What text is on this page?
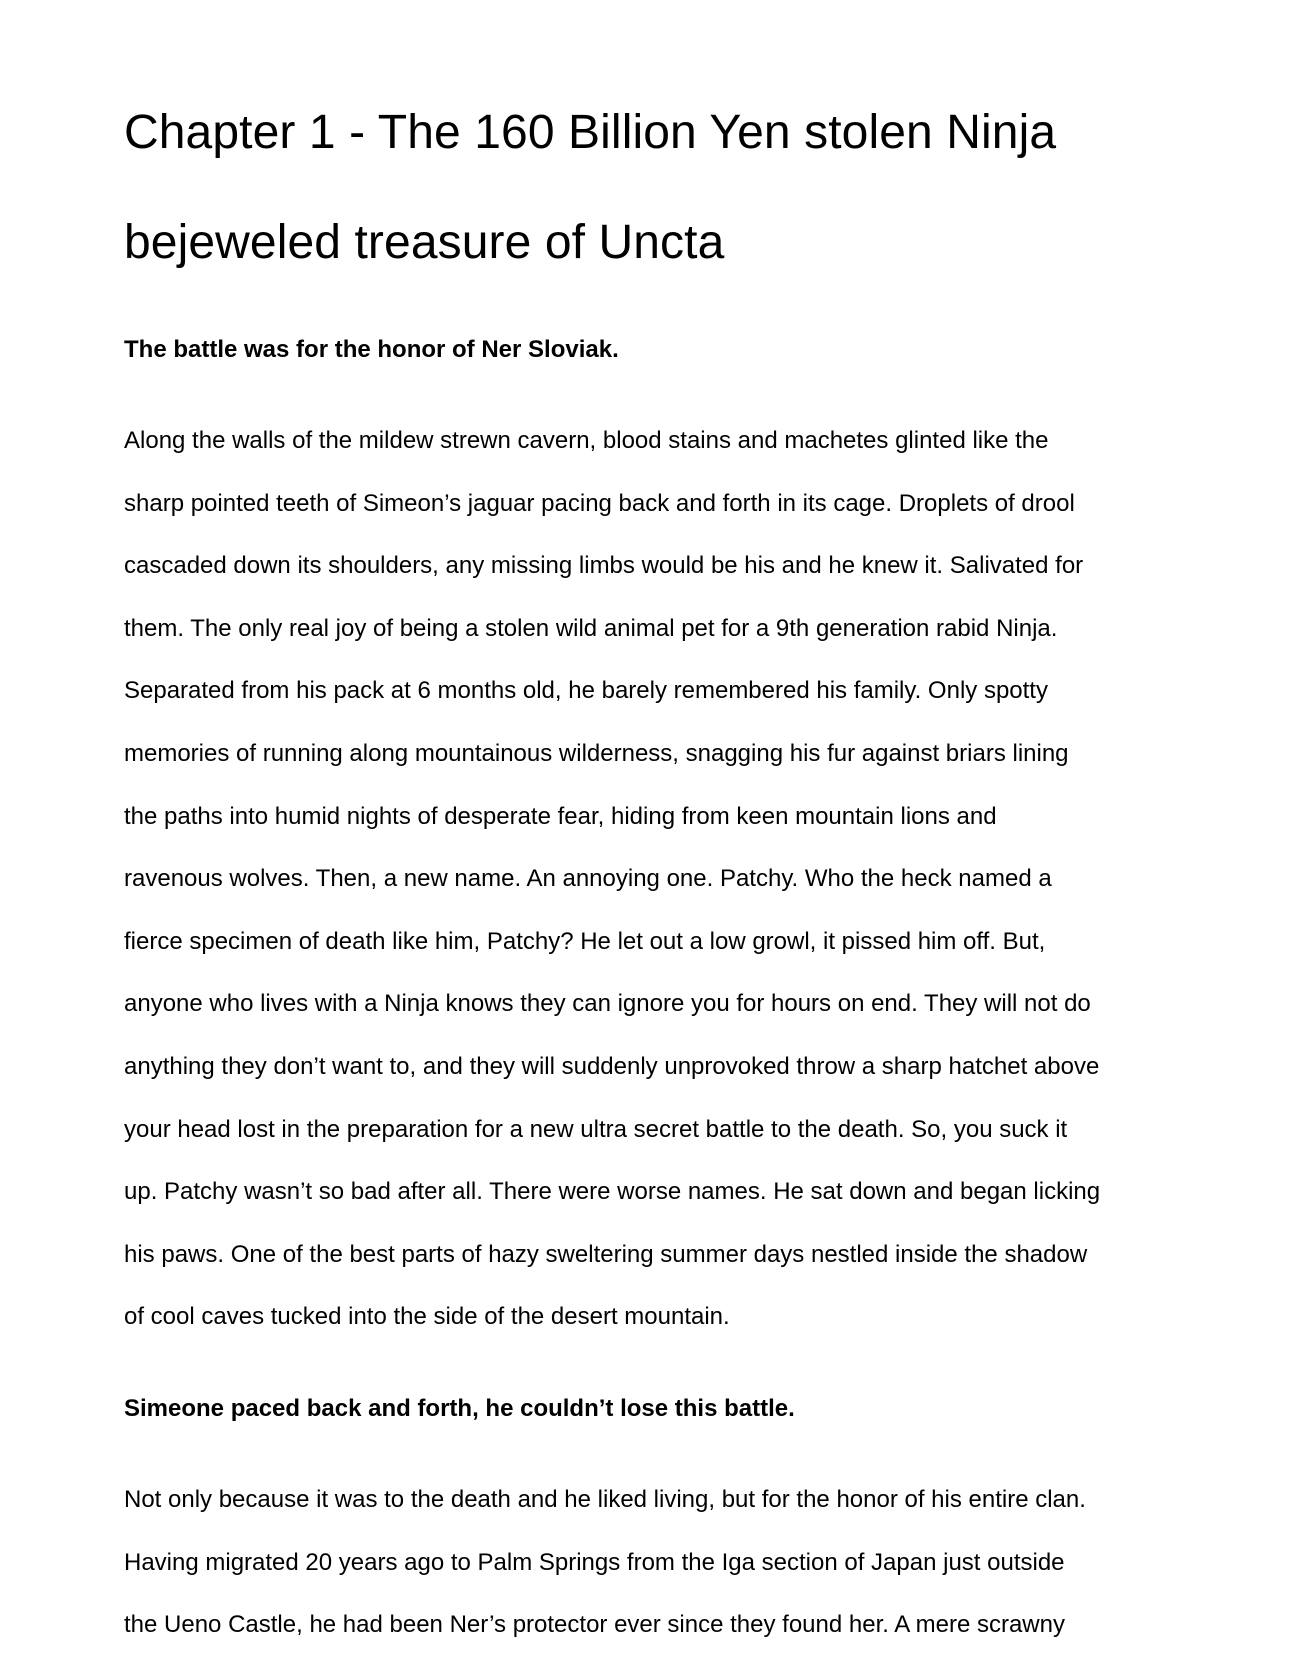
Chapter 1 - The 160 Billion Yen stolen Ninja
bejeweled treasure of Uncta

The battle was for the honor of Ner Sloviak.

Along the walls of the mildew strewn cavern, blood stains and machetes glinted like the
sharp pointed teeth of Simeon’s jaguar pacing back and forth in its cage. Droplets of drool
cascaded down its shoulders, any missing limbs would be his and he knew it. Salivated for
them. The only real joy of being a stolen wild animal pet for a 9th generation rabid Ninja.
Separated from his pack at 6 months old, he barely remembered his family. Only spotty
memories of running along mountainous wilderness, snagging his fur against briars lining
the paths into humid nights of desperate fear, hiding from keen mountain lions and
ravenous wolves. Then, a new name. An annoying one. Patchy. Who the heck named a
fierce specimen of death like him, Patchy? He let out a low growl, it pissed him off. But,
anyone who lives with a Ninja knows they can ignore you for hours on end. They will not do
anything they don’t want to, and they will suddenly unprovoked throw a sharp hatchet above
your head lost in the preparation for a new ultra secret battle to the death. So, you suck it
up. Patchy wasn’t so bad after all. There were worse names. He sat down and began licking
his paws. One of the best parts of hazy sweltering summer days nestled inside the shadow
of cool caves tucked into the side of the desert mountain.

Simeone paced back and forth, he couldn’t lose this battle.

Not only because it was to the death and he liked living, but for the honor of his entire clan.
Having migrated 20 years ago to Palm Springs from the Iga section of Japan just outside
the Ueno Castle, he had been Ner’s protector ever since they found her. A mere scrawny
